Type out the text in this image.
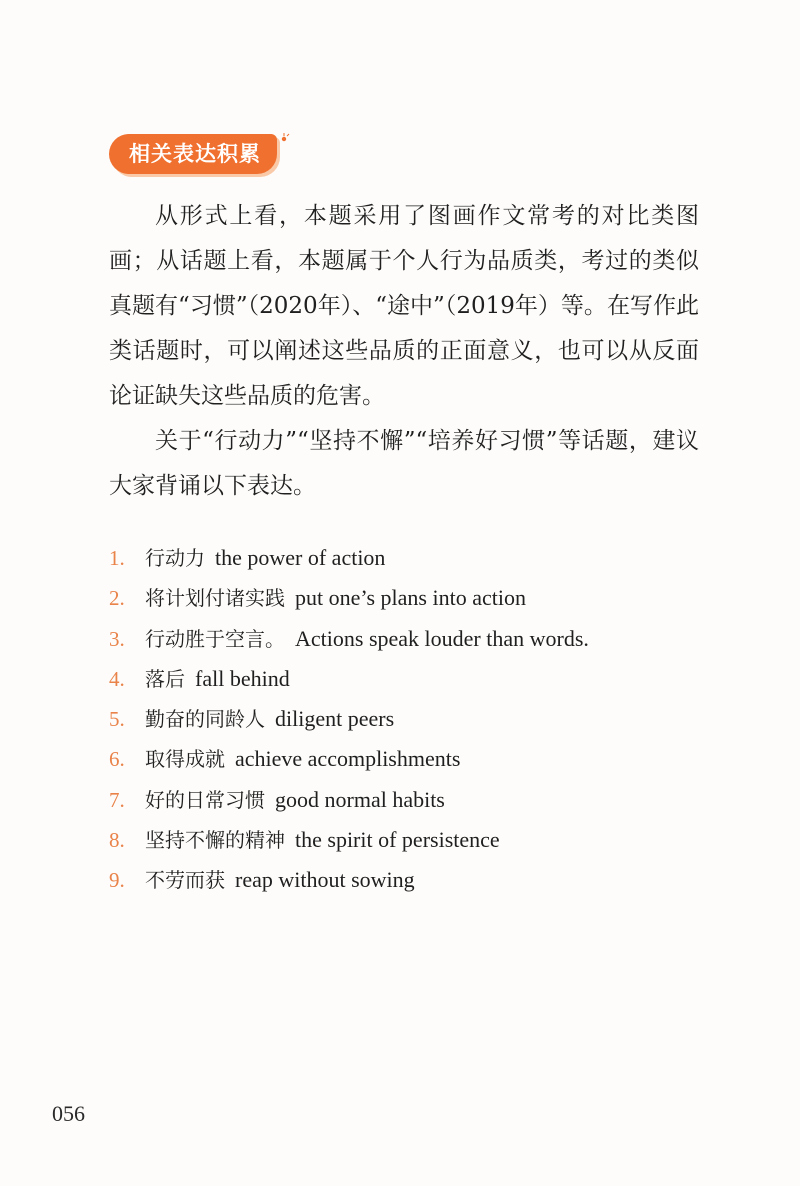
相关表达积累

从形式上看，本题采用了图画作文常考的对比类图画；从话题上看，本题属于个人行为品质类，考过的类似真题有“习惯”（2020年）、“途中”（2019年）等。在写作此类话题时，可以阐述这些品质的正面意义，也可以从反面论证缺失这些品质的危害。

关于“行动力”“坚持不懈”“培养好习惯”等话题，建议大家背诵以下表达。

1. 行动力 the power of action
2. 将计划付诸实践 put one’s plans into action
3. 行动胜于空言。 Actions speak louder than words.
4. 落后 fall behind
5. 勤奋的同龄人 diligent peers
6. 取得成就 achieve accomplishments
7. 好的日常习惯 good normal habits
8. 坚持不懈的精神 the spirit of persistence
9. 不劳而获 reap without sowing
056
